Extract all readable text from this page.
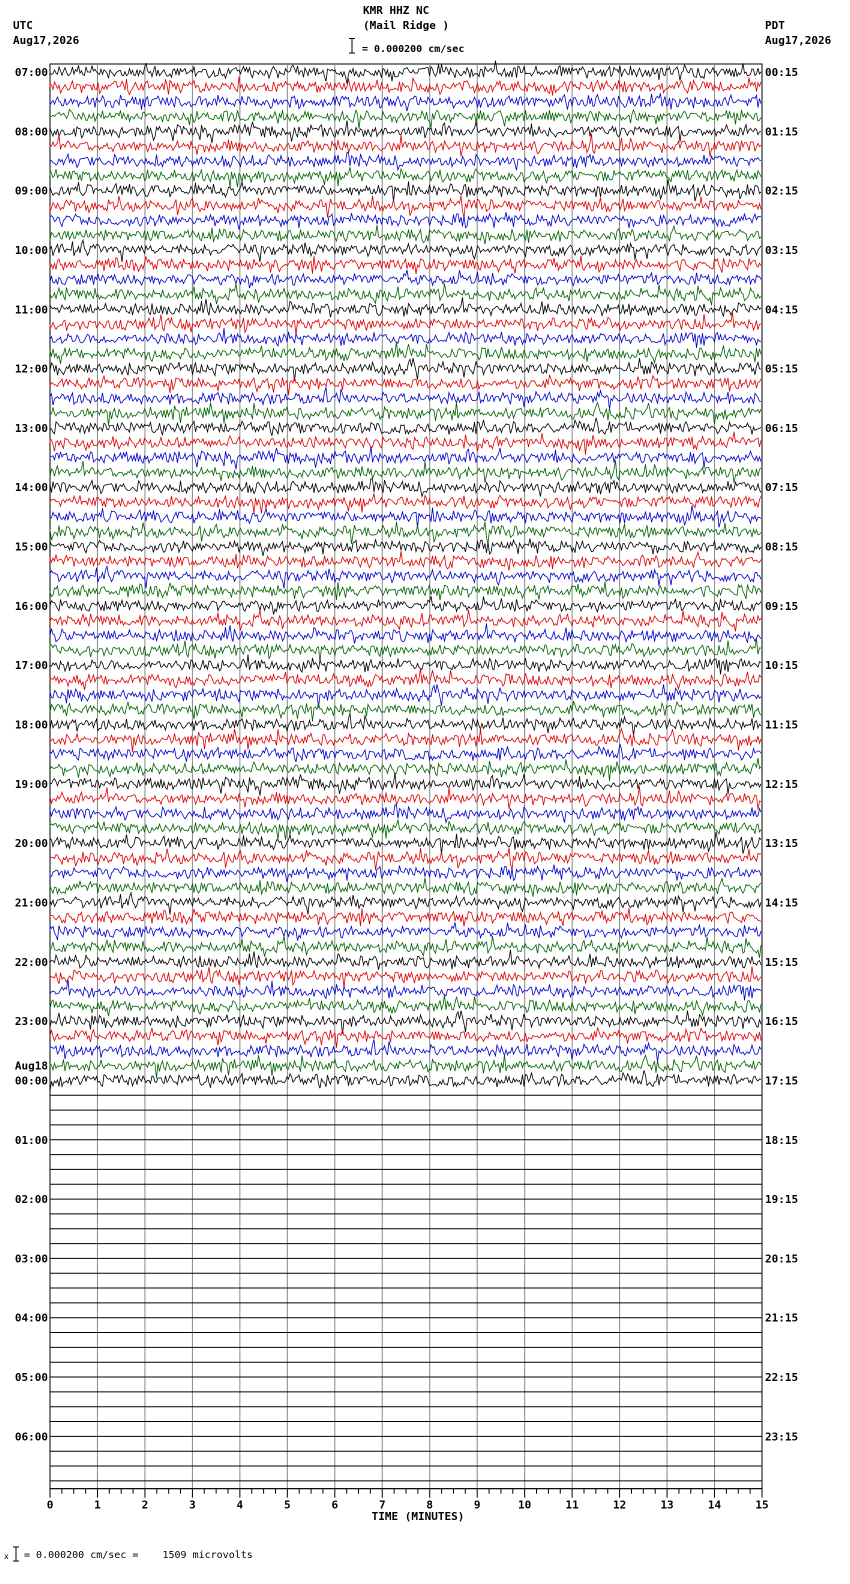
KMR HHZ NC
(Mail Ridge )
= 0.000200 cm/sec
UTC
Aug17,2026
PDT
Aug17,2026
07:00
08:00
09:00
10:00
11:00
12:00
13:00
14:00
15:00
16:00
17:00
18:00
19:00
20:00
21:00
22:00
23:00
00:00
01:00
02:00
03:00
04:00
05:00
06:00
00:15
01:15
02:15
03:15
04:15
05:15
06:15
07:15
08:15
09:15
10:15
11:15
12:15
13:15
14:15
15:15
16:15
17:15
18:15
19:15
20:15
21:15
22:15
23:15
Aug18
0	1	2	3	4	5	6	7	8	9	10	11	12	13	14	15
TIME (MINUTES)
x = 0.000200 cm/sec =    1509 microvolts
